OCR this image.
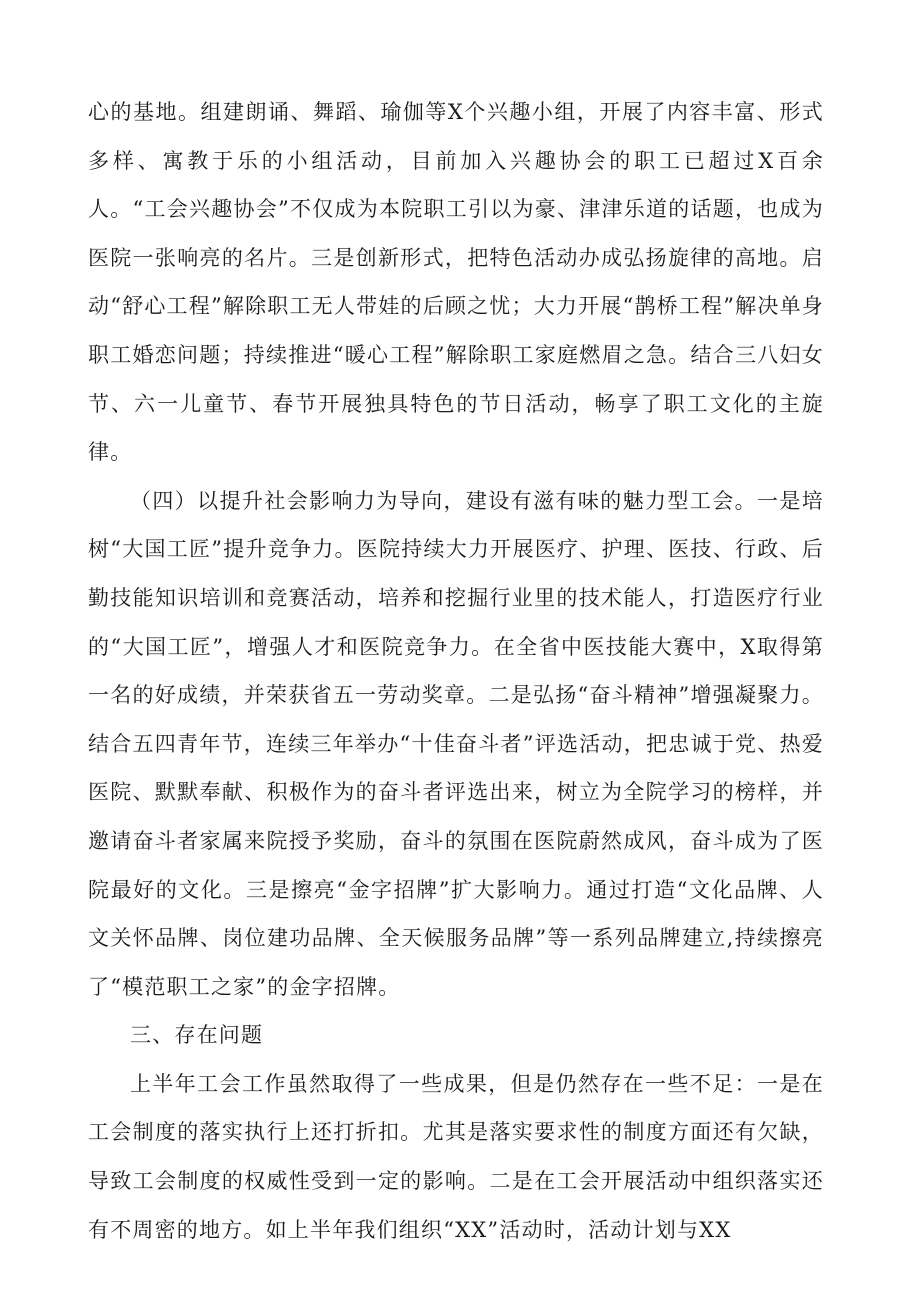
心的基地。组建朗诵、舞蹈、瑜伽等X个兴趣小组，开展了内容丰富、形式多样、寓教于乐的小组活动，目前加入兴趣协会的职工已超过X百余人。“工会兴趣协会”不仅成为本院职工引以为豪、津津乐道的话题，也成为医院一张响亮的名片。三是创新形式，把特色活动办成弘扬旋律的高地。启动“舒心工程”解除职工无人带娃的后顾之忧；大力开展“鹊桥工程”解决单身职工婚恋问题；持续推进“暖心工程”解除职工家庭燃眉之急。结合三八妇女节、六一儿童节、春节开展独具特色的节日活动，畅享了职工文化的主旋律。

（四）以提升社会影响力为导向，建设有滋有味的魅力型工会。一是培树“大国工匠”提升竞争力。医院持续大力开展医疗、护理、医技、行政、后勤技能知识培训和竞赛活动，培养和挖掘行业里的技术能人，打造医疗行业的“大国工匠”，增强人才和医院竞争力。在全省中医技能大赛中，X取得第一名的好成绩，并荣获省五一劳动奖章。二是弘扬“奋斗精神”增强凝聚力。结合五四青年节，连续三年举办“十佳奋斗者”评选活动，把忠诚于党、热爱医院、默默奉献、积极作为的奋斗者评选出来，树立为全院学习的榜样，并邀请奋斗者家属来院授予奖励，奋斗的氛围在医院蔚然成风，奋斗成为了医院最好的文化。三是擦亮“金字招牌”扩大影响力。通过打造“文化品牌、人文关怀品牌、岗位建功品牌、全天候服务品牌”等一系列品牌建立,持续擦亮了“模范职工之家”的金字招牌。

三、存在问题

上半年工会工作虽然取得了一些成果，但是仍然存在一些不足：一是在工会制度的落实执行上还打折扣。尤其是落实要求性的制度方面还有欠缺，导致工会制度的权威性受到一定的影响。二是在工会开展活动中组织落实还有不周密的地方。如上半年我们组织“XX”活动时，活动计划与XX
